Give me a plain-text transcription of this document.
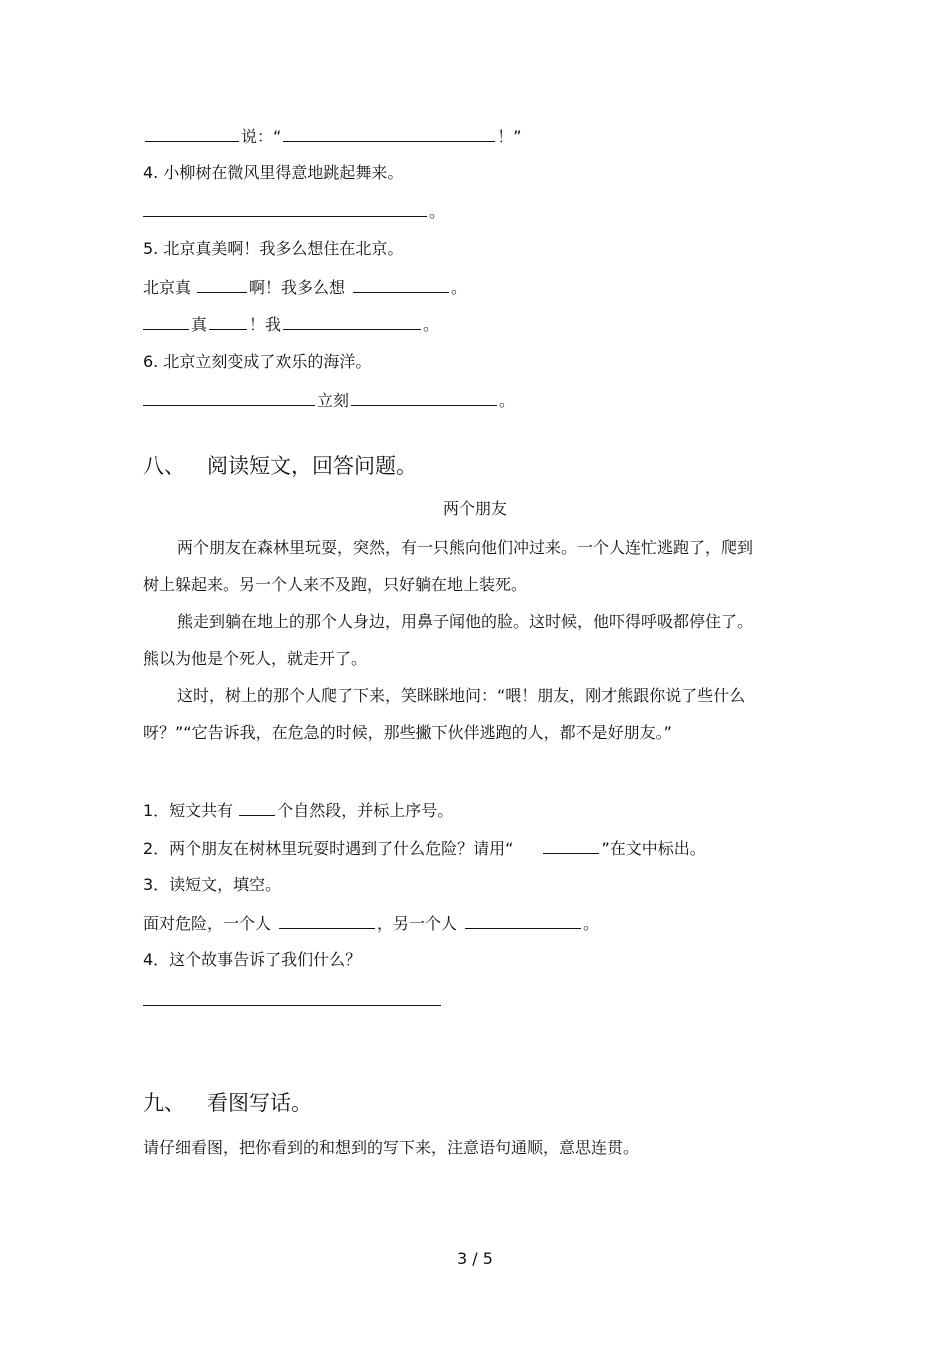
说：“	！”
4. 小柳树在微风里得意地跳起舞来。
。
5. 北京真美啊！我多么想住在北京。
北京真	啊！我多么想	。
真	！我	。
6. 北京立刻变成了欢乐的海洋。
立刻	。
八、 阅读短文，回答问题。
两个朋友
两个朋友在森林里玩耍，突然，有一只熊向他们冲过来。一个人连忙逃跑了，爬到树上躲起来。另一个人来不及跑，只好躺在地上装死。
熊走到躺在地上的那个人身边，用鼻子闻他的脸。这时候，他吓得呼吸都停住了。熊以为他是个死人，就走开了。
这时，树上的那个人爬了下来，笑眯眯地问：“喂！朋友，刚才熊跟你说了些什么呀？”“它告诉我，在危急的时候，那些撇下伙伴逃跑的人，都不是好朋友。”
1．短文共有	个自然段，并标上序号。
2．两个朋友在树林里玩耍时遇到了什么危险？请用“	”在文中标出。
3．读短文，填空。
面对危险，一个人	，另一个人	。
4．这个故事告诉了我们什么？
九、 看图写话。
请仔细看图，把你看到的和想到的写下来，注意语句通顺，意思连贯。
3 / 5
